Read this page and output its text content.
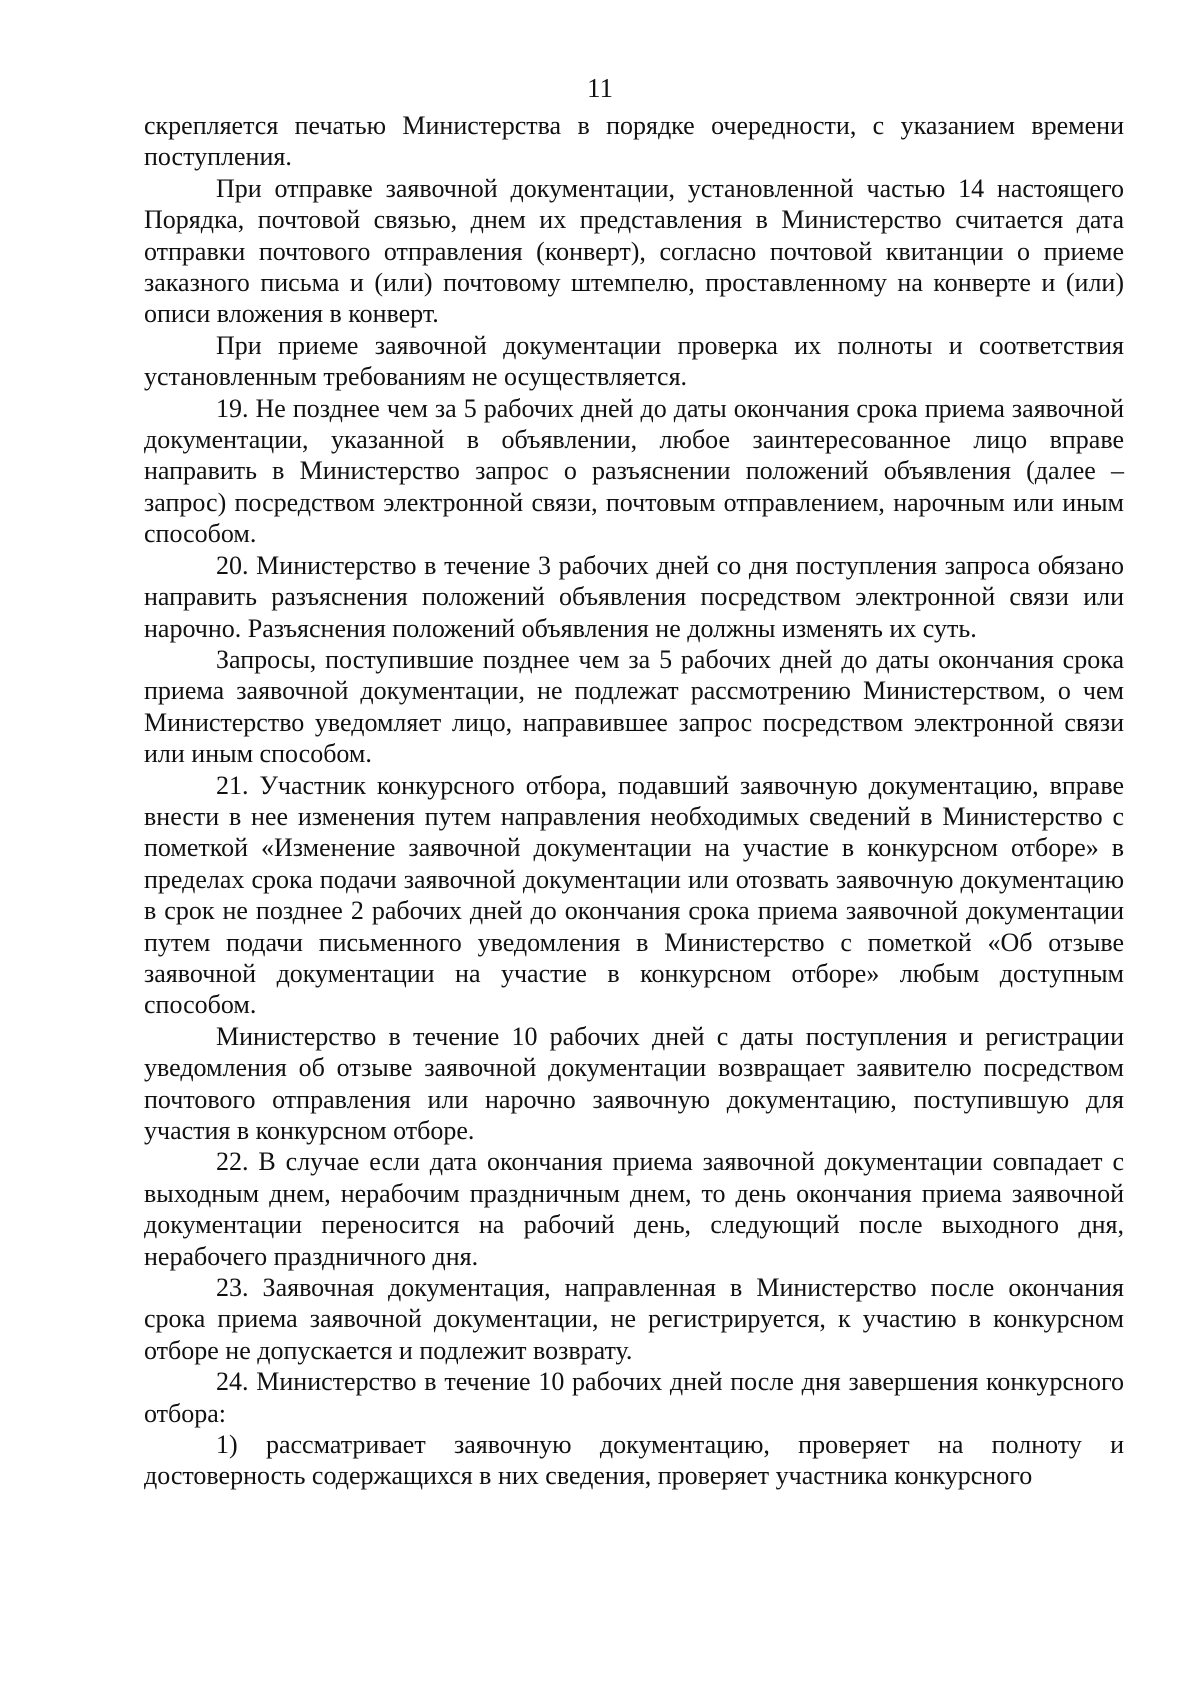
11

скрепляется печатью Министерства в порядке очередности, с указанием времени поступления.

При отправке заявочной документации, установленной частью 14 настоящего Порядка, почтовой связью, днем их представления в Министерство считается дата отправки почтового отправления (конверт), согласно почтовой квитанции о приеме заказного письма и (или) почтовому штемпелю, проставленному на конверте и (или) описи вложения в конверт.

При приеме заявочной документации проверка их полноты и соответствия установленным требованиям не осуществляется.

19. Не позднее чем за 5 рабочих дней до даты окончания срока приема заявочной документации, указанной в объявлении, любое заинтересованное лицо вправе направить в Министерство запрос о разъяснении положений объявления (далее – запрос) посредством электронной связи, почтовым отправлением, нарочным или иным способом.

20. Министерство в течение 3 рабочих дней со дня поступления запроса обязано направить разъяснения положений объявления посредством электронной связи или нарочно. Разъяснения положений объявления не должны изменять их суть.

Запросы, поступившие позднее чем за 5 рабочих дней до даты окончания срока приема заявочной документации, не подлежат рассмотрению Министерством, о чем Министерство уведомляет лицо, направившее запрос посредством электронной связи или иным способом.

21. Участник конкурсного отбора, подавший заявочную документацию, вправе внести в нее изменения путем направления необходимых сведений в Министерство с пометкой «Изменение заявочной документации на участие в конкурсном отборе» в пределах срока подачи заявочной документации или отозвать заявочную документацию в срок не позднее 2 рабочих дней до окончания срока приема заявочной документации путем подачи письменного уведомления в Министерство с пометкой «Об отзыве заявочной документации на участие в конкурсном отборе» любым доступным способом.

Министерство в течение 10 рабочих дней с даты поступления и регистрации уведомления об отзыве заявочной документации возвращает заявителю посредством почтового отправления или нарочно заявочную документацию, поступившую для участия в конкурсном отборе.

22. В случае если дата окончания приема заявочной документации совпадает с выходным днем, нерабочим праздничным днем, то день окончания приема заявочной документации переносится на рабочий день, следующий после выходного дня, нерабочего праздничного дня.

23. Заявочная документация, направленная в Министерство после окончания срока приема заявочной документации, не регистрируется, к участию в конкурсном отборе не допускается и подлежит возврату.

24. Министерство в течение 10 рабочих дней после дня завершения конкурсного отбора:

1) рассматривает заявочную документацию, проверяет на полноту и достоверность содержащихся в них сведения, проверяет участника конкурсного
